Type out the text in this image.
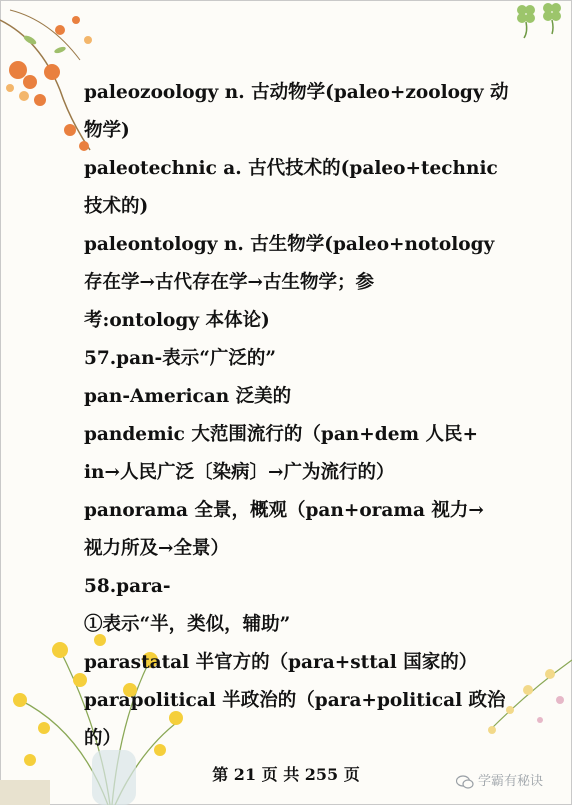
paleozoology n. 古动物学(paleo+zoology 动
物学)
paleotechnic a. 古代技术的(paleo+technic
技术的)
paleontology n. 古生物学(paleo+notology
存在学→古代存在学→古生物学；参
考:ontology 本体论)
57.pan-表示“广泛的”
pan-American 泛美的
pandemic 大范围流行的（pan+dem 人民+
in→人民广泛〔染病〕→广为流行的）
panorama 全景，概观（pan+orama 视力→
视力所及→全景）
58.para-
①表示“半，类似，辅助”
parastatal 半官方的（para+sttal 国家的）
parapolitical 半政治的（para+political 政治
的）
第 21 页 共 255 页	学霸有秘诀
